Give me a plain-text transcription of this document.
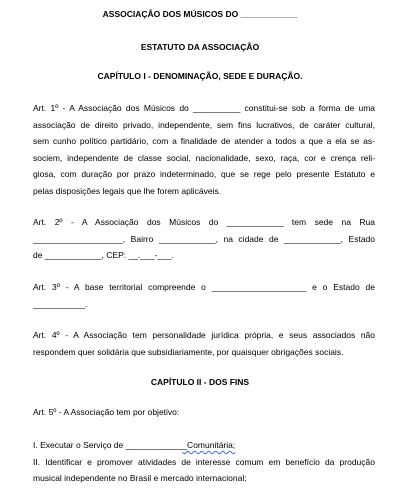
ASSOCIAÇÃO DOS MÚSICOS DO ____________
ESTATUTO DA ASSOCIAÇÃO
CAPÍTULO I - DENOMINAÇÃO, SEDE E DURAÇÃO.
Art. 1º - A Associação dos Músicos do __________ constitui-se sob a forma de uma
associação de direito privado, independente, sem fins lucrativos, de caráter cultural,
sem cunho político partidário, com a finalidade de atender a todos a que a ela se as-
sociem, independente de classe social, nacionalidade, sexo, raça, cor e crença reli-
giosa, com duração por prazo indeterminado, que se rege pelo presente Estatuto e
pelas disposições legais que lhe forem aplicáveis.
Art. 2º - A Associação dos Músicos do ____________ tem sede na Rua
___________________, Bairro ____________, na cidade de ____________, Estado
de ____________, CEP: __.___-___.
Art. 3º - A base territorial compreende o ____________________ e o Estado de
___________.
Art. 4º - A Associação tem personalidade jurídica própria, e seus associados não
respondem quer solidária que subsidiariamente, por quaisquer obrigações sociais.
CAPÍTULO II - DOS FINS
Art. 5º - A Associação tem por objetivo:
I. Executar o Serviço de _____________Comunitária;
II. Identificar e promover atividades de interesse comum em benefício da produção
musical independente no Brasil e mercado internacional;
